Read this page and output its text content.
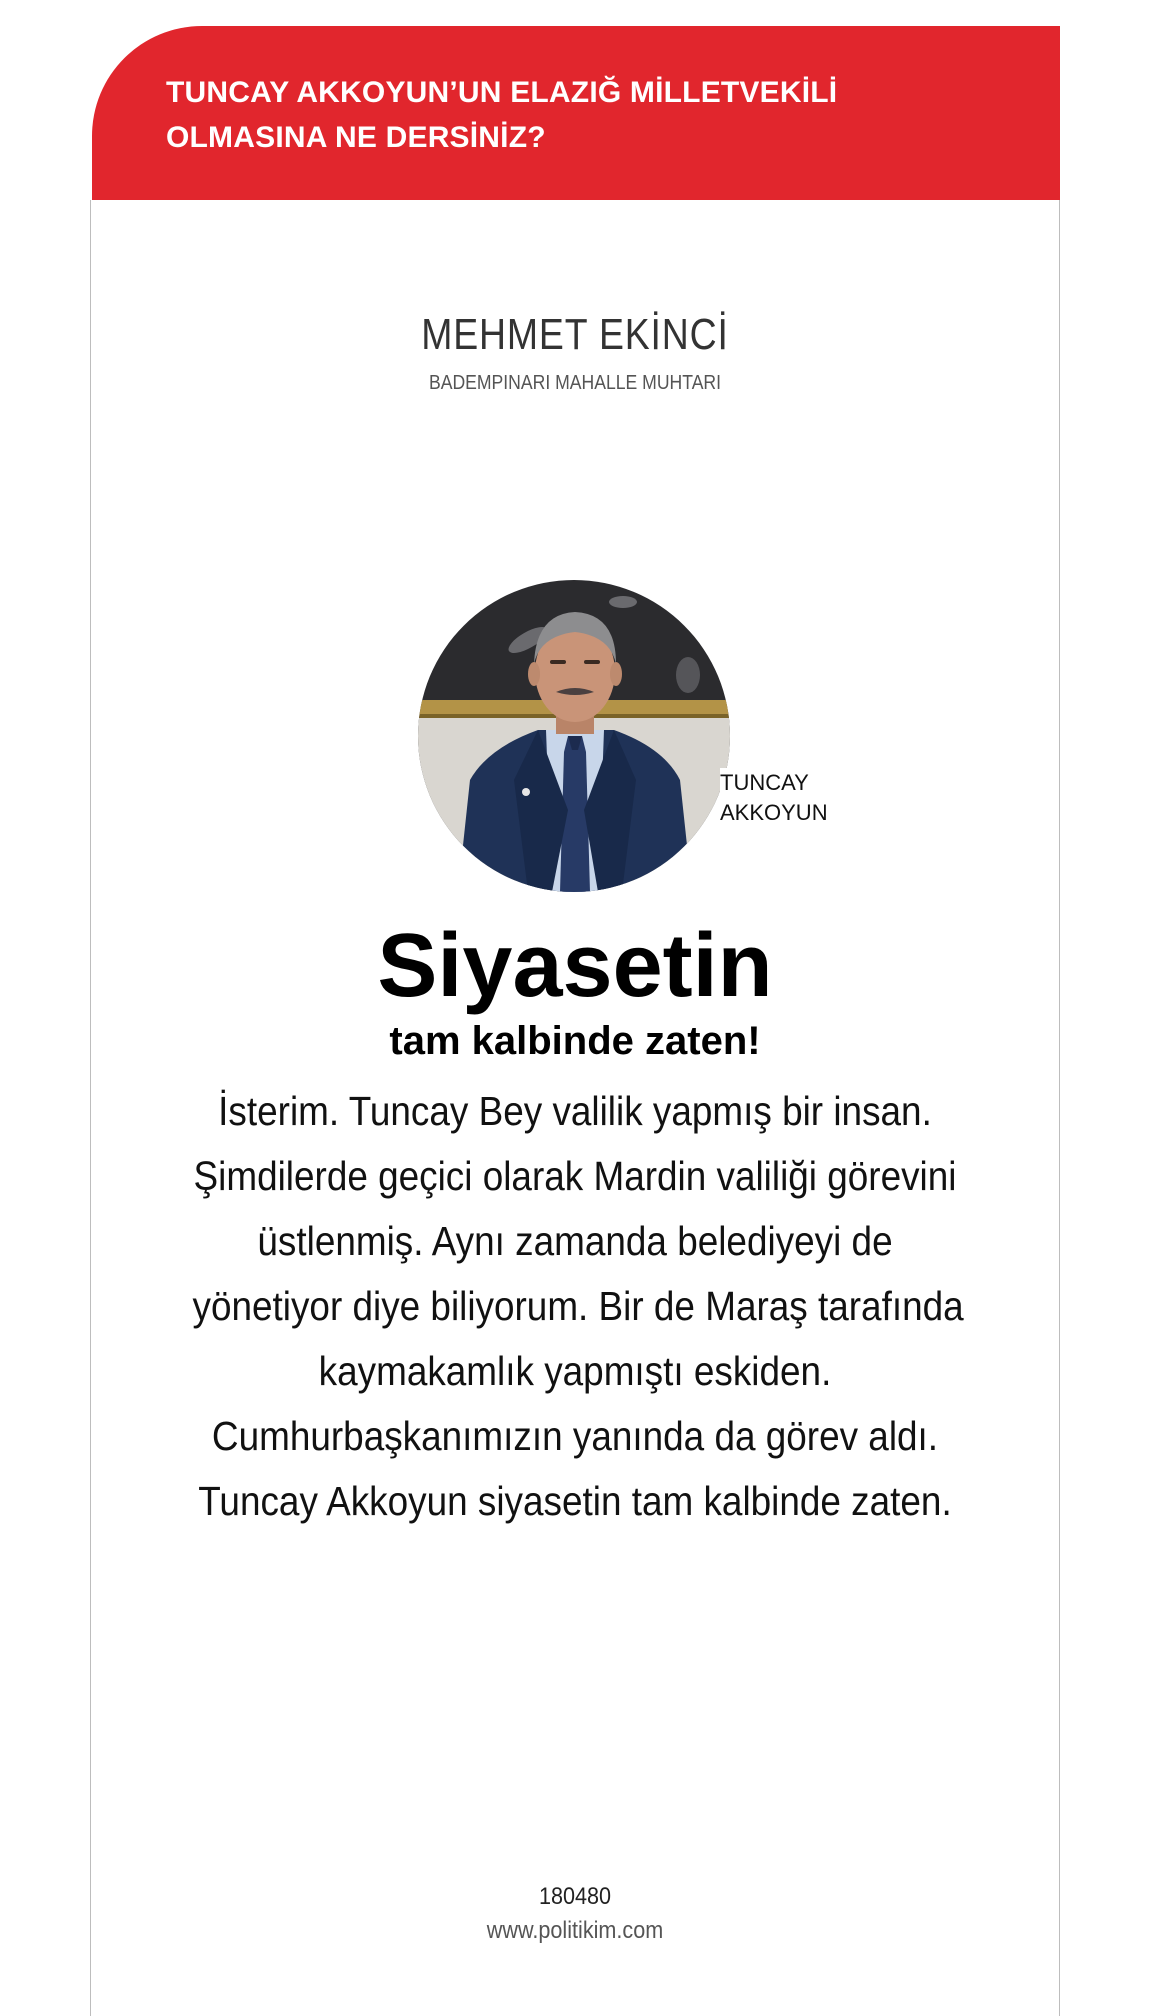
TUNCAY AKKOYUN’UN ELAZIĞ MİLLETVEKİLİ
OLMASINA NE DERSİNİZ?
MEHMET EKİNCİ
BADEMPINARI MAHALLE MUHTARI
TUNCAY
AKKOYUN
Siyasetin
tam kalbinde zaten!

İsterim. Tuncay Bey valilik yapmış bir insan.

Şimdilerde geçici olarak Mardin valiliği görevini

üstlenmiş. Aynı zamanda belediyeyi de

yönetiyor diye biliyorum. Bir de Maraş tarafında

kaymakamlık yapmıştı eskiden.

Cumhurbaşkanımızın yanında da görev aldı.

Tuncay Akkoyun siyasetin tam kalbinde zaten.

180480
www.politikim.com
